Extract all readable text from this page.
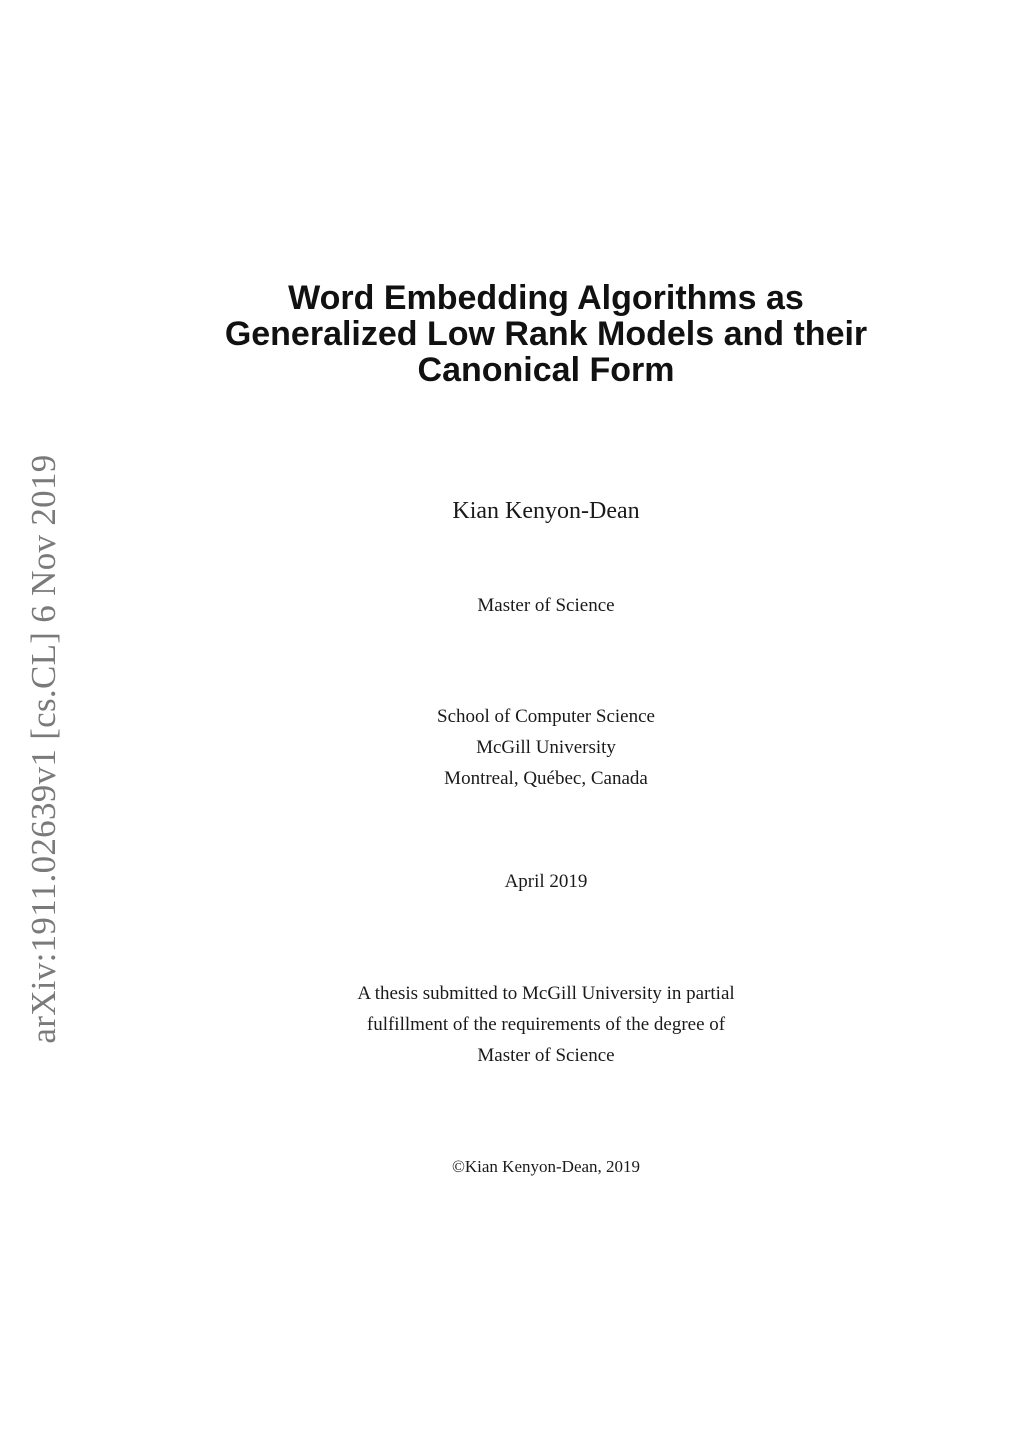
arXiv:1911.02639v1 [cs.CL] 6 Nov 2019
Word Embedding Algorithms as
Generalized Low Rank Models and their
Canonical Form
Kian Kenyon-Dean
Master of Science
School of Computer Science
McGill University
Montreal, Québec, Canada
April 2019
A thesis submitted to McGill University in partial
fulfillment of the requirements of the degree of
Master of Science
©Kian Kenyon-Dean, 2019
